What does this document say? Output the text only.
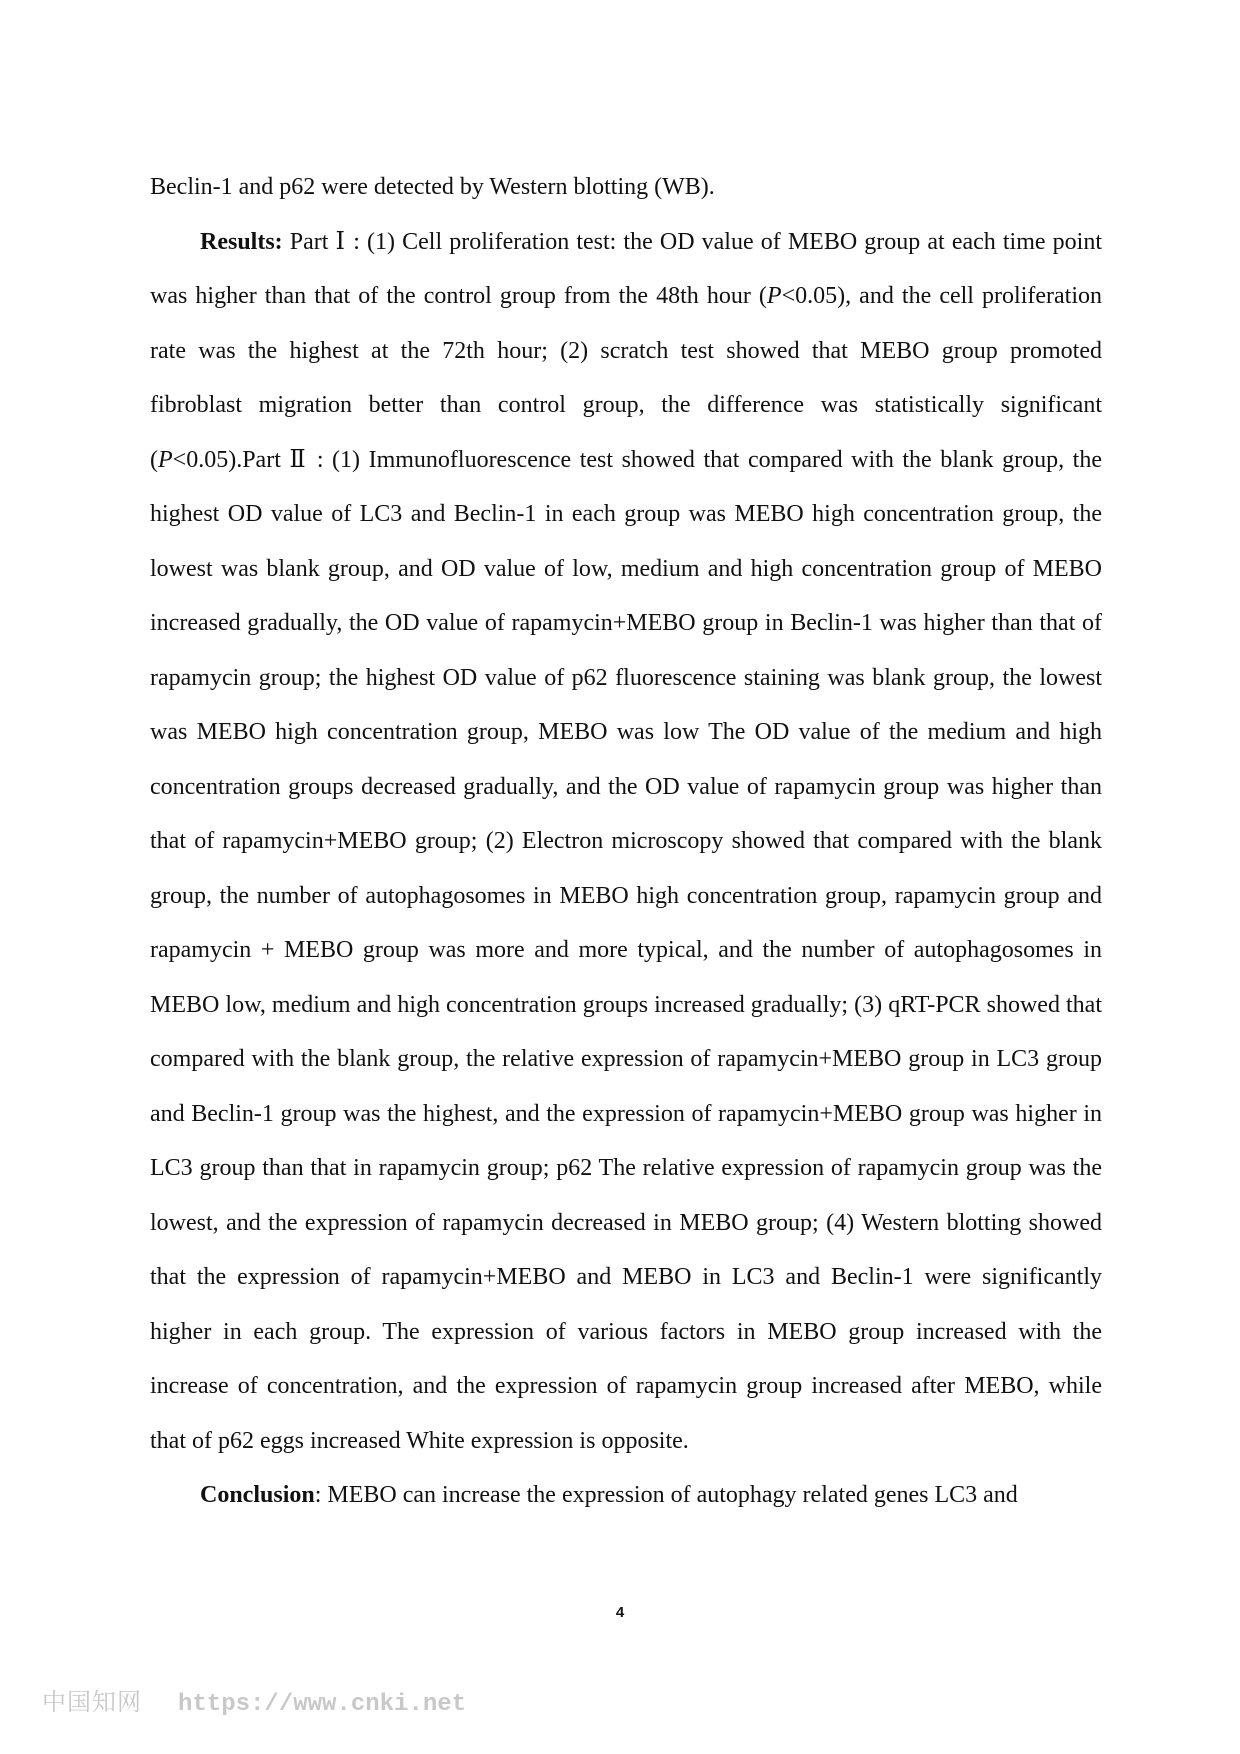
Beclin-1 and p62 were detected by Western blotting (WB).

Results: Part Ⅰ : (1) Cell proliferation test: the OD value of MEBO group at each time point was higher than that of the control group from the 48th hour (P<0.05), and the cell proliferation rate was the highest at the 72th hour; (2) scratch test showed that MEBO group promoted fibroblast migration better than control group, the difference was statistically significant (P<0.05).Part Ⅱ : (1) Immunofluorescence test showed that compared with the blank group, the highest OD value of LC3 and Beclin-1 in each group was MEBO high concentration group, the lowest was blank group, and OD value of low, medium and high concentration group of MEBO increased gradually, the OD value of rapamycin+MEBO group in Beclin-1 was higher than that of rapamycin group; the highest OD value of p62 fluorescence staining was blank group, the lowest was MEBO high concentration group, MEBO was low The OD value of the medium and high concentration groups decreased gradually, and the OD value of rapamycin group was higher than that of rapamycin+MEBO group; (2) Electron microscopy showed that compared with the blank group, the number of autophagosomes in MEBO high concentration group, rapamycin group and rapamycin + MEBO group was more and more typical, and the number of autophagosomes in MEBO low, medium and high concentration groups increased gradually; (3) qRT-PCR showed that compared with the blank group, the relative expression of rapamycin+MEBO group in LC3 group and Beclin-1 group was the highest, and the expression of rapamycin+MEBO group was higher in LC3 group than that in rapamycin group; p62 The relative expression of rapamycin group was the lowest, and the expression of rapamycin decreased in MEBO group; (4) Western blotting showed that the expression of rapamycin+MEBO and MEBO in LC3 and Beclin-1 were significantly higher in each group. The expression of various factors in MEBO group increased with the increase of concentration, and the expression of rapamycin group increased after MEBO, while that of p62 eggs increased White expression is opposite.

Conclusion: MEBO can increase the expression of autophagy related genes LC3 and

4
中国知网 https://www.cnki.net
